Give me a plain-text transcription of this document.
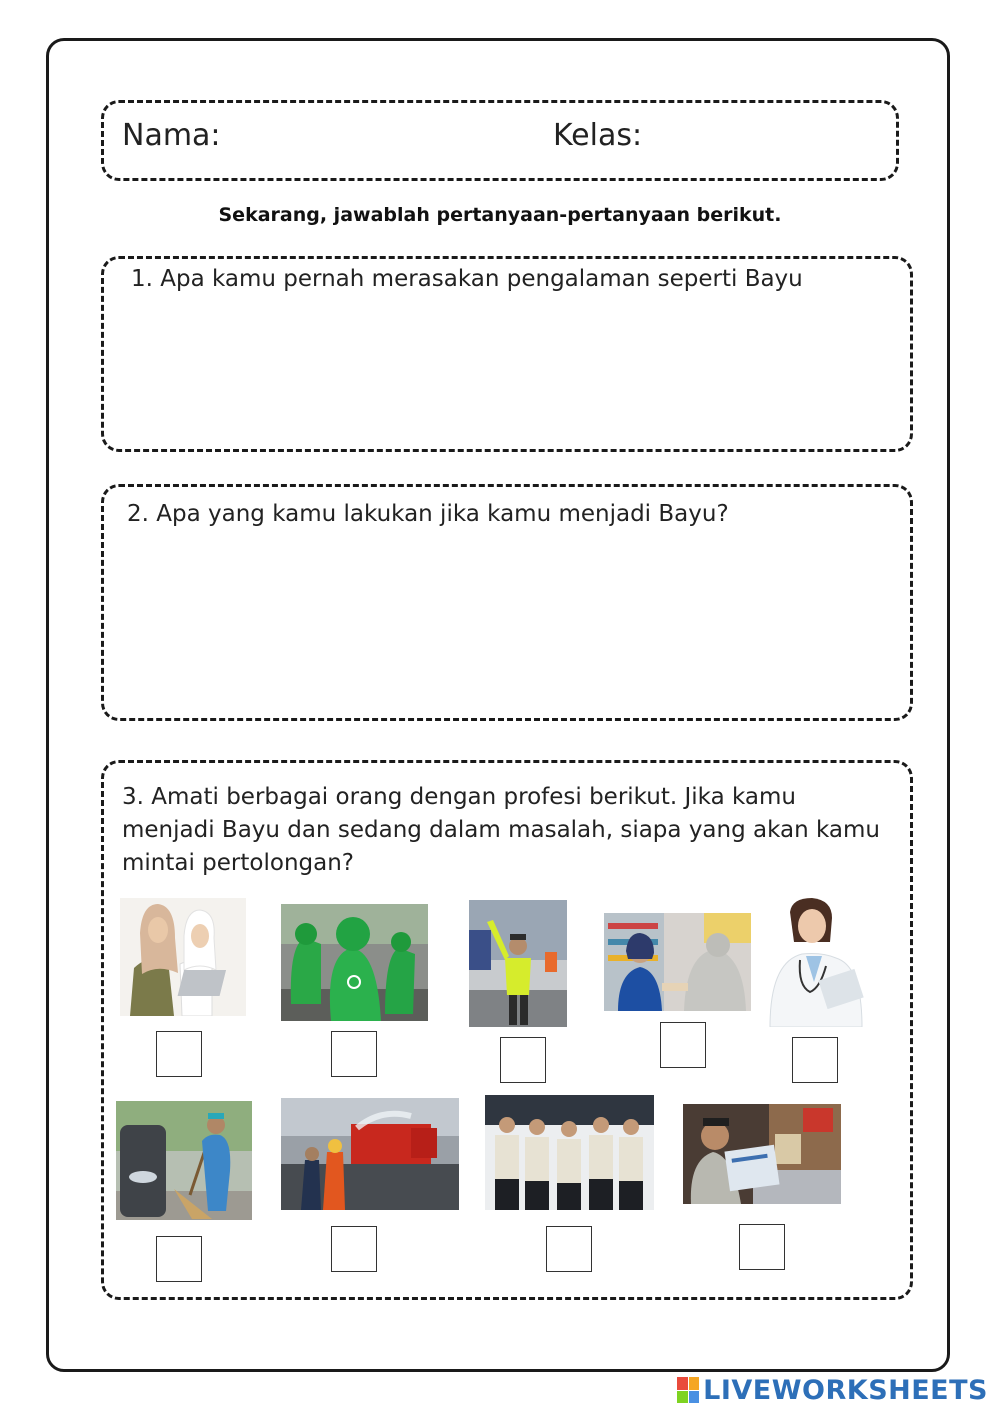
Nama:	Kelas:
Sekarang, jawablah pertanyaan-pertanyaan berikut.
1. Apa kamu pernah merasakan pengalaman seperti Bayu
2. Apa yang kamu lakukan jika kamu menjadi Bayu?
3. Amati berbagai orang dengan profesi berikut. Jika kamu menjadi Bayu dan sedang dalam masalah, siapa yang akan kamu mintai pertolongan?
LIVEWORKSHEETS
